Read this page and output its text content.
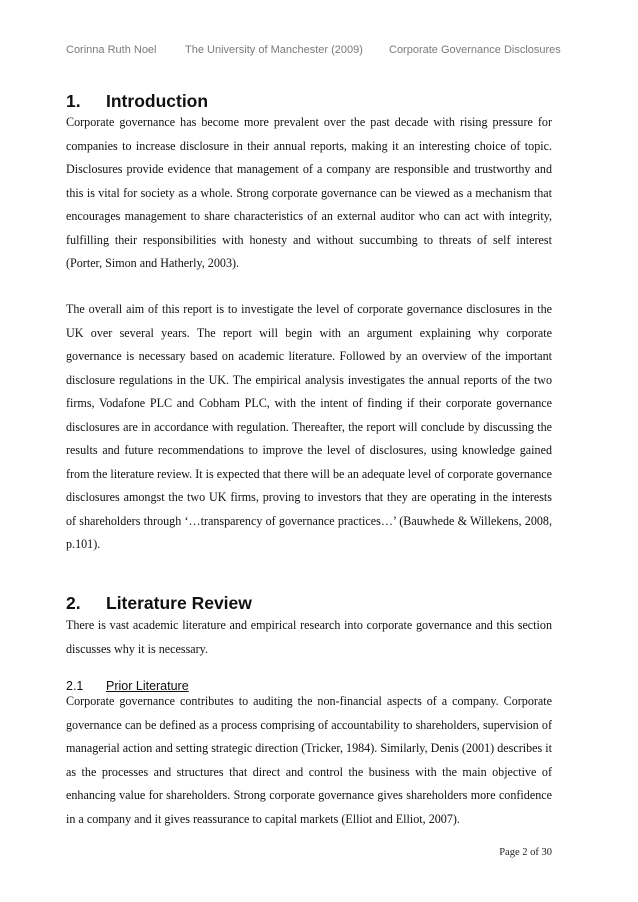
Corinna Ruth Noel	The University of Manchester (2009) Corporate Governance Disclosures
1. Introduction

Corporate governance has become more prevalent over the past decade with rising pressure for companies to increase disclosure in their annual reports, making it an interesting choice of topic. Disclosures provide evidence that management of a company are responsible and trustworthy and this is vital for society as a whole. Strong corporate governance can be viewed as a mechanism that encourages management to share characteristics of an external auditor who can act with integrity, fulfilling their responsibilities with honesty and without succumbing to threats of self interest (Porter, Simon and Hatherly, 2003).

The overall aim of this report is to investigate the level of corporate governance disclosures in the UK over several years. The report will begin with an argument explaining why corporate governance is necessary based on academic literature. Followed by an overview of the important disclosure regulations in the UK. The empirical analysis investigates the annual reports of the two firms, Vodafone PLC and Cobham PLC, with the intent of finding if their corporate governance disclosures are in accordance with regulation. Thereafter, the report will conclude by discussing the results and future recommendations to improve the level of disclosures, using knowledge gained from the literature review. It is expected that there will be an adequate level of corporate governance disclosures amongst the two UK firms, proving to investors that they are operating in the interests of shareholders through ‘…transparency of governance practices…’ (Bauwhede & Willekens, 2008, p.101).

2. Literature Review

There is vast academic literature and empirical research into corporate governance and this section discusses why it is necessary.

2.1 Prior Literature

Corporate governance contributes to auditing the non-financial aspects of a company. Corporate governance can be defined as a process comprising of accountability to shareholders, supervision of managerial action and setting strategic direction (Tricker, 1984). Similarly, Denis (2001) describes it as the processes and structures that direct and control the business with the main objective of enhancing value for shareholders. Strong corporate governance gives shareholders more confidence in a company and it gives reassurance to capital markets (Elliot and Elliot, 2007).

Page 2 of 30
